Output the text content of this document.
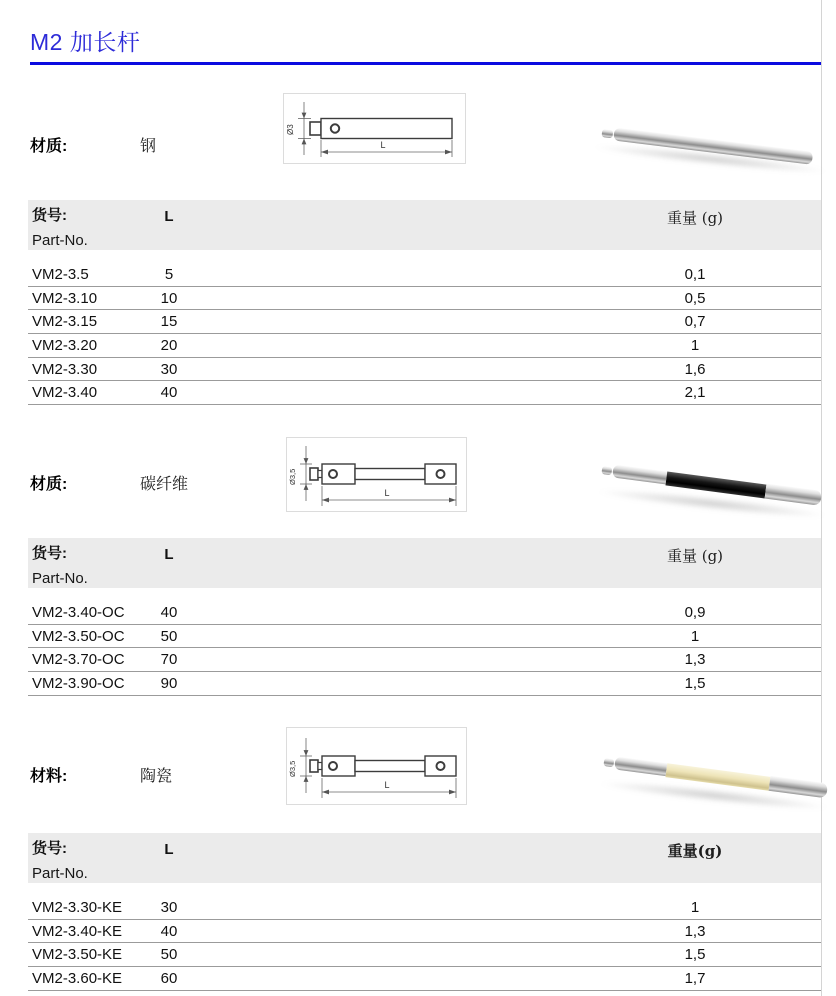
M2 加长杆
材质:	钢
Ø3
L
货号:
Part-No.
L	重量 (g)
VM2-3.5	5	0,1
VM2-3.10	10	0,5
VM2-3.15	15	0,7
VM2-3.20	20	1
VM2-3.30	30	1,6
VM2-3.40	40	2,1
材质:	碳纤维	Ø3,5
L
货号:
Part-No.
L	重量 (g)
VM2-3.40-OC	40	0,9
VM2-3.50-OC	50	1
VM2-3.70-OC	70	1,3
VM2-3.90-OC	90	1,5
材料:	陶瓷	Ø3,5
L
货号:
Part-No.
L	重量(g)
VM2-3.30-KE	30	1
VM2-3.40-KE	40	1,3
VM2-3.50-KE	50	1,5
VM2-3.60-KE	60	1,7
